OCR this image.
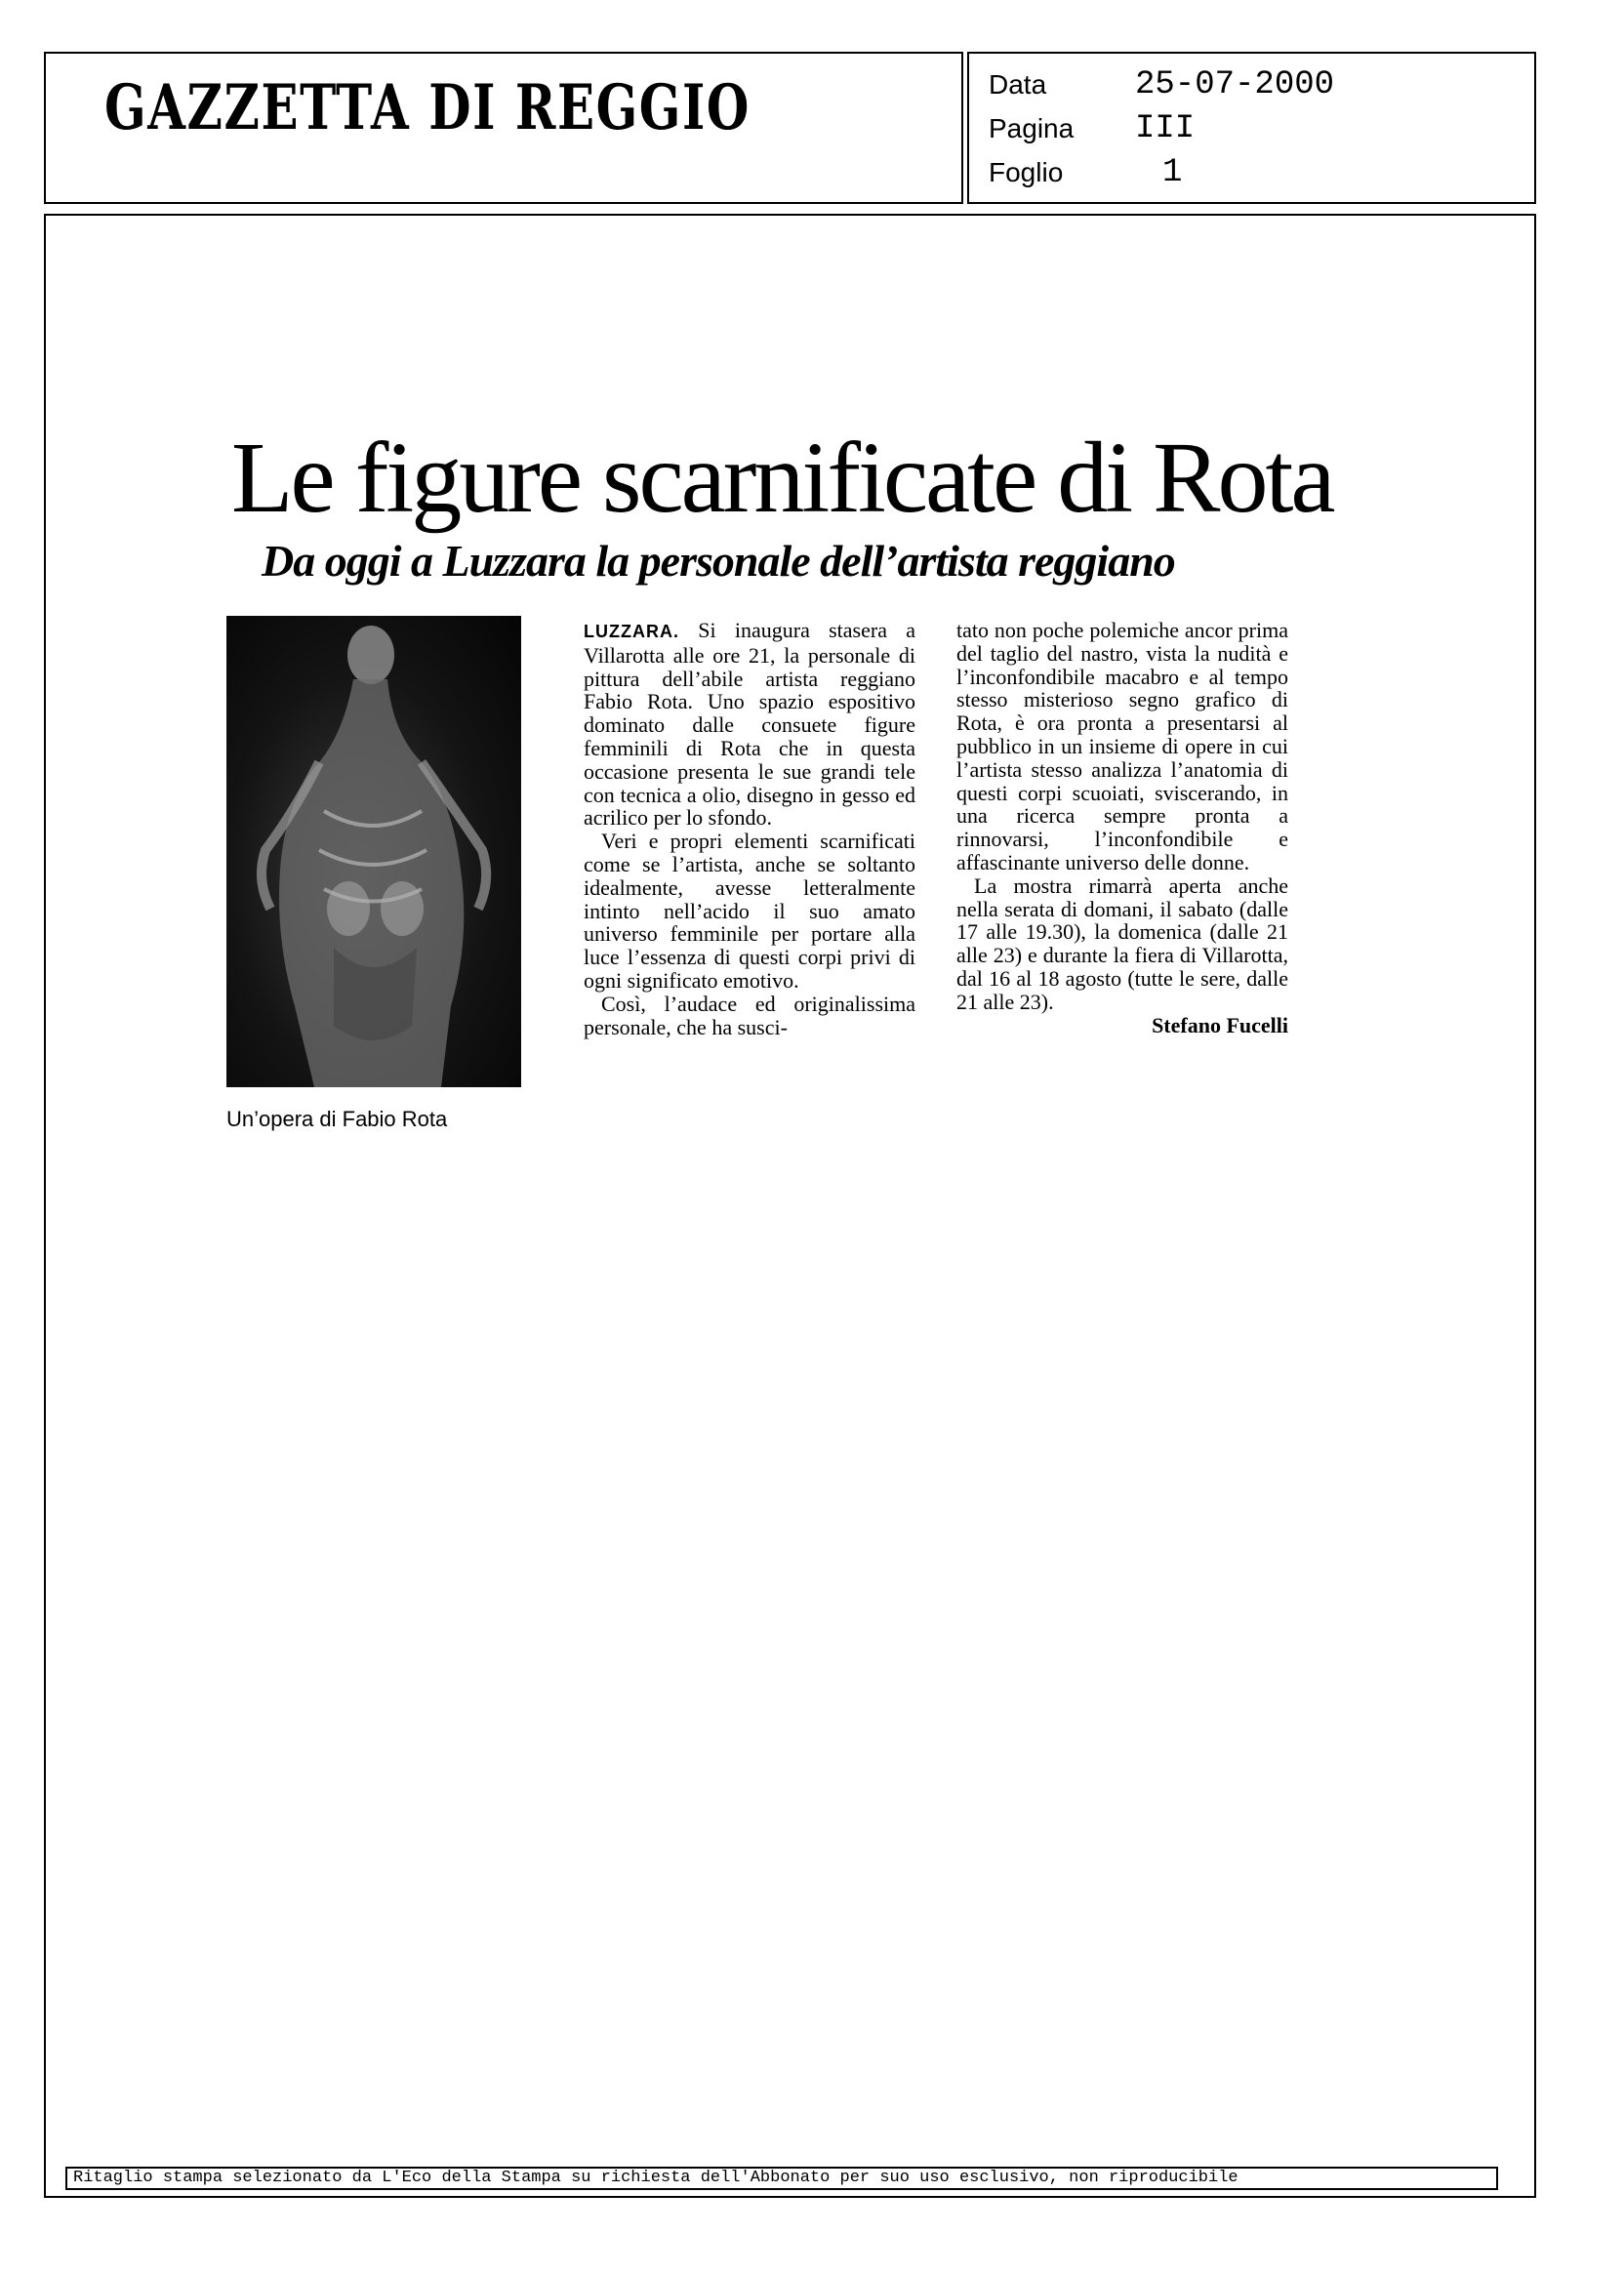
GAZZETTA DI REGGIO	Data	25-07-2000
Pagina	III
Foglio	1
Le figure scarnificate di Rota
Da oggi a Luzzara la personale dell’artista reggiano
Un’opera di Fabio Rota

LUZZARA. Si inaugura stasera a Villarotta alle ore 21, la personale di pittura dell’abile artista reggiano Fabio Rota. Uno spazio espositivo dominato dalle consuete figure femminili di Rota che in questa occasione presenta le sue grandi tele con tecnica a olio, disegno in gesso ed acrilico per lo sfondo.

Veri e propri elementi scarnificati come se l’artista, anche se soltanto idealmente, avesse letteralmente intinto nell’acido il suo amato universo femminile per portare alla luce l’essenza di questi corpi privi di ogni significato emotivo.

Così, l’audace ed originalissima personale, che ha susci-

tato non poche polemiche ancor prima del taglio del nastro, vista la nudità e l’inconfondibile macabro e al tempo stesso misterioso segno grafico di Rota, è ora pronta a presentarsi al pubblico in un insieme di opere in cui l’artista stesso analizza l’anatomia di questi corpi scuoiati, sviscerando, in una ricerca sempre pronta a rinnovarsi, l’inconfondibile e affascinante universo delle donne.

La mostra rimarrà aperta anche nella serata di domani, il sabato (dalle 17 alle 19.30), la domenica (dalle 21 alle 23) e durante la fiera di Villarotta, dal 16 al 18 agosto (tutte le sere, dalle 21 alle 23).

Stefano Fucelli

Ritaglio stampa selezionato da L'Eco della Stampa su richiesta dell'Abbonato per suo uso esclusivo, non riproducibile
